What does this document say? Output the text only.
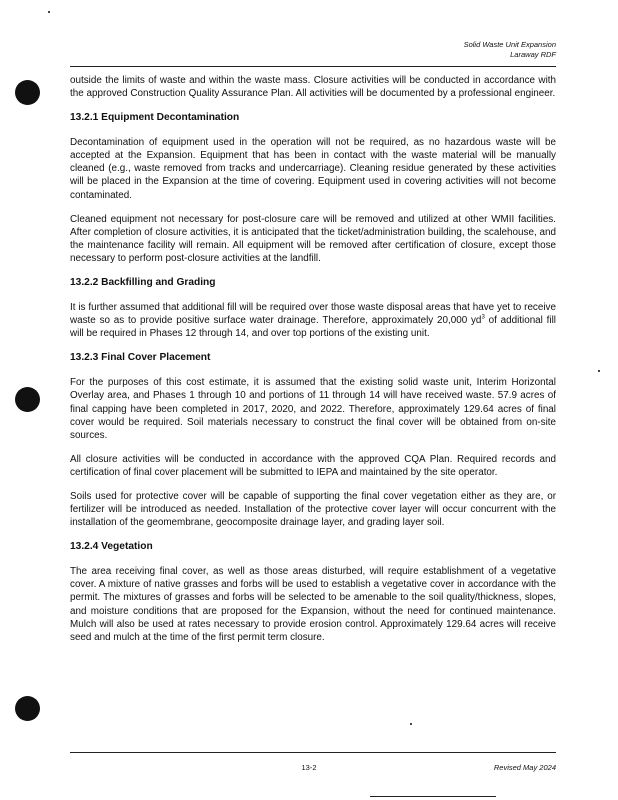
Solid Waste Unit Expansion
Laraway RDF

outside the limits of waste and within the waste mass. Closure activities will be conducted in accordance with the approved Construction Quality Assurance Plan. All activities will be documented by a professional engineer.

13.2.1 Equipment Decontamination

Decontamination of equipment used in the operation will not be required, as no hazardous waste will be accepted at the Expansion. Equipment that has been in contact with the waste material will be manually cleaned (e.g., waste removed from tracks and undercarriage). Cleaning residue generated by these activities will be placed in the Expansion at the time of covering. Equipment used in covering activities will not become contaminated.

Cleaned equipment not necessary for post-closure care will be removed and utilized at other WMII facilities. After completion of closure activities, it is anticipated that the ticket/administration building, the scalehouse, and the maintenance facility will remain. All equipment will be removed after certification of closure, except those necessary to perform post-closure activities at the landfill.

13.2.2 Backfilling and Grading

It is further assumed that additional fill will be required over those waste disposal areas that have yet to receive waste so as to provide positive surface water drainage. Therefore, approximately 20,000 $yd^3$ of additional fill will be required in Phases 12 through 14, and over top portions of the existing unit.

13.2.3 Final Cover Placement

For the purposes of this cost estimate, it is assumed that the existing solid waste unit, Interim Horizontal Overlay area, and Phases 1 through 10 and portions of 11 through 14 will have received waste. 57.9 acres of final capping have been completed in 2017, 2020, and 2022. Therefore, approximately 129.64 acres of final cover would be required. Soil materials necessary to construct the final cover will be obtained from on-site sources.

All closure activities will be conducted in accordance with the approved CQA Plan. Required records and certification of final cover placement will be submitted to IEPA and maintained by the site operator.

Soils used for protective cover will be capable of supporting the final cover vegetation either as they are, or fertilizer will be introduced as needed. Installation of the protective cover layer will occur concurrent with the installation of the geomembrane, geocomposite drainage layer, and grading layer soil.

13.2.4 Vegetation

The area receiving final cover, as well as those areas disturbed, will require establishment of a vegetative cover. A mixture of native grasses and forbs will be used to establish a vegetative cover in accordance with the permit. The mixtures of grasses and forbs will be selected to be amenable to the soil quality/thickness, slopes, and moisture conditions that are proposed for the Expansion, without the need for continued maintenance. Mulch will also be used at rates necessary to provide erosion control. Approximately 129.64 acres will receive seed and mulch at the time of the first permit term closure.

13-2	Revised May 2024
